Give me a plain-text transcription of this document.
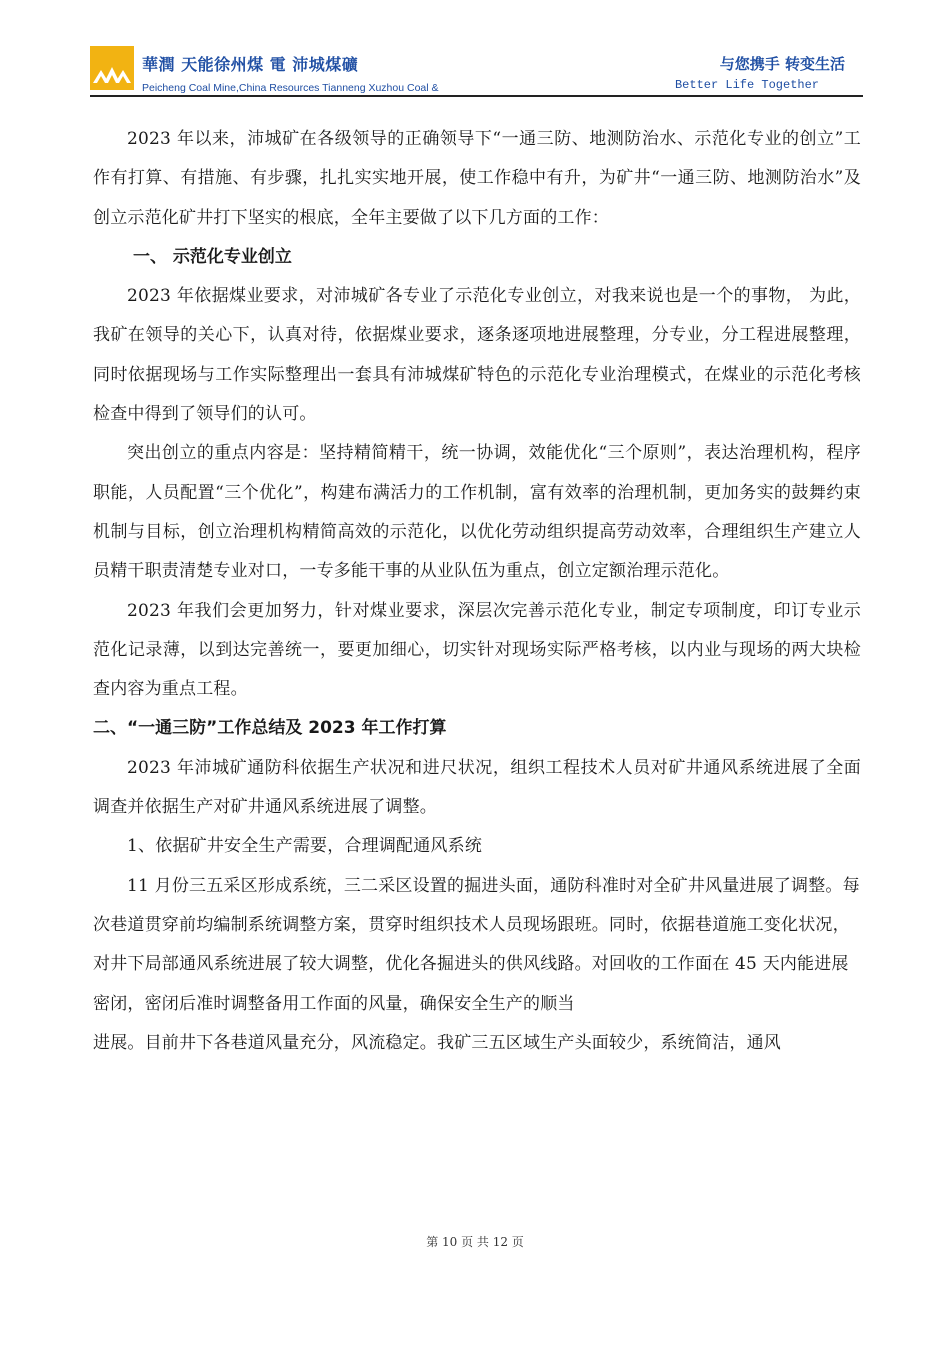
華潤 天能徐州煤 電 沛城煤礦
Peicheng Coal Mine,China Resources Tianneng Xuzhou Coal &
与您携手 转变生活
Better Life Together

2023 年以来，沛城矿在各级领导的正确领导下“一通三防、地测防治水、示范化专业的创立”工作有打算、有措施、有步骤，扎扎实实地开展，使工作稳中有升，为矿井“一通三防、地测防治水”及创立示范化矿井打下坚实的根底，全年主要做了以下几方面的工作：

一、 示范化专业创立

2023 年依据煤业要求，对沛城矿各专业了示范化专业创立，对我来说也是一个的事物， 为此，我矿在领导的关心下，认真对待，依据煤业要求，逐条逐项地进展整理，分专业，分工程进展整理，同时依据现场与工作实际整理出一套具有沛城煤矿特色的示范化专业治理模式，在煤业的示范化考核检查中得到了领导们的认可。

突出创立的重点内容是：坚持精简精干，统一协调，效能优化“三个原则”，表达治理机构，程序职能，人员配置“三个优化”，构建布满活力的工作机制，富有效率的治理机制，更加务实的鼓舞约束机制与目标，创立治理机构精简高效的示范化，以优化劳动组织提高劳动效率，合理组织生产建立人员精干职责清楚专业对口，一专多能干事的从业队伍为重点，创立定额治理示范化。

2023 年我们会更加努力，针对煤业要求，深层次完善示范化专业，制定专项制度，印订专业示范化记录薄，以到达完善统一，要更加细心，切实针对现场实际严格考核，以内业与现场的两大块检查内容为重点工程。

二、“一通三防”工作总结及 2023 年工作打算

2023 年沛城矿通防科依据生产状况和进尺状况，组织工程技术人员对矿井通风系统进展了全面调查并依据生产对矿井通风系统进展了调整。

1、依据矿井安全生产需要，合理调配通风系统

11 月份三五采区形成系统，三二采区设置的掘进头面，通防科准时对全矿井风量进展了调整。每次巷道贯穿前均编制系统调整方案，贯穿时组织技术人员现场跟班。同时，依据巷道施工变化状况，对井下局部通风系统进展了较大调整，优化各掘进头的供风线路。对回收的工作面在 45 天内能进展密闭，密闭后准时调整备用工作面的风量，确保安全生产的顺当

进展。目前井下各巷道风量充分，风流稳定。我矿三五区域生产头面较少，系统简洁，通风

第 10 页 共 12 页
